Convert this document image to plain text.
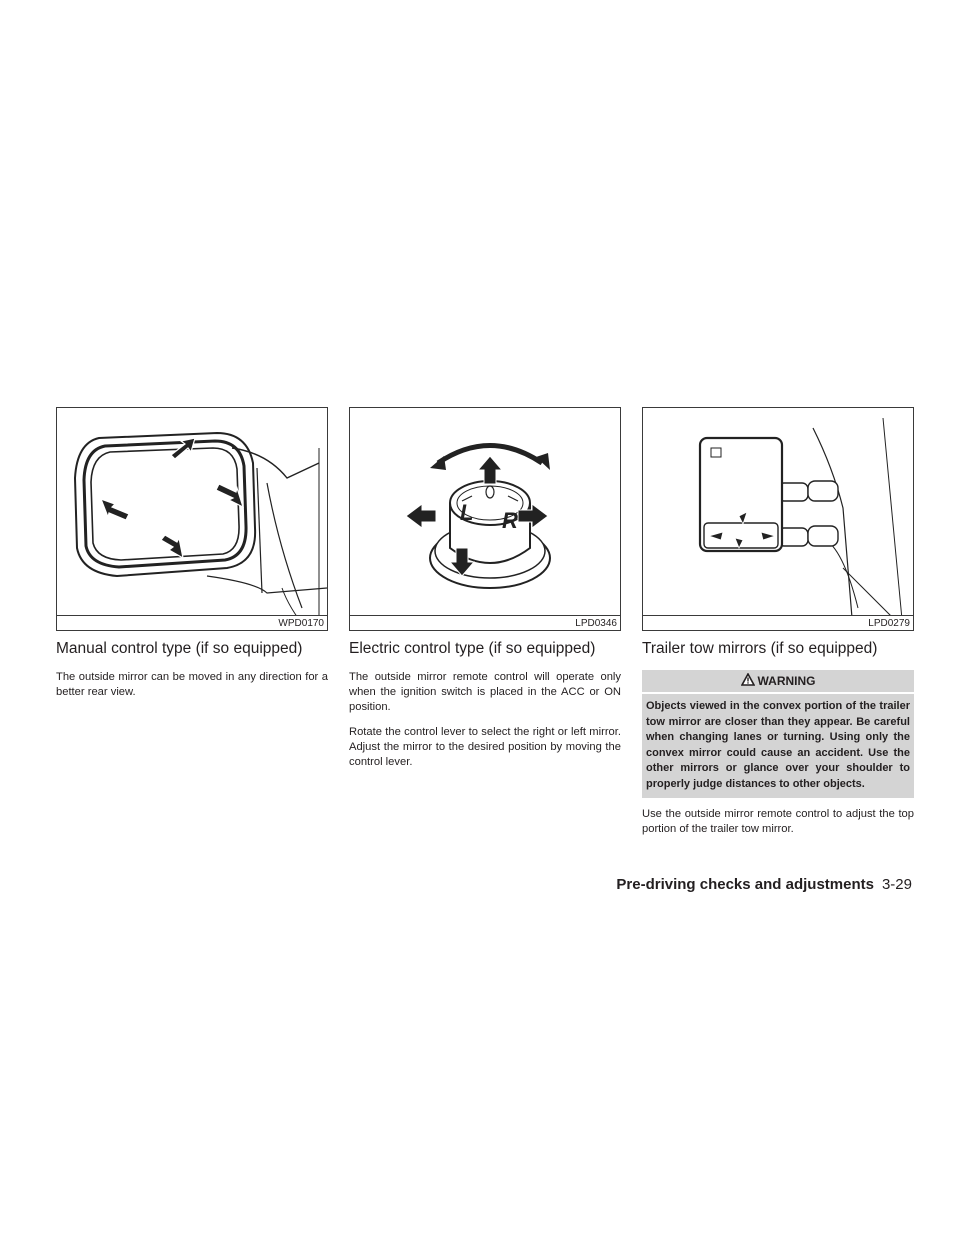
WPD0170
Manual control type (if so equipped)

The outside mirror can be moved in any direction for a better rear view.

L R
LPD0346
Electric control type (if so equipped)

The outside mirror remote control will operate only when the ignition switch is placed in the ACC or ON position.

Rotate the control lever to select the right or left mirror. Adjust the mirror to the desired position by moving the control lever.

LPD0279
Trailer tow mirrors (if so equipped)
WARNING
Objects viewed in the convex portion of the trailer tow mirror are closer than they appear. Be careful when changing lanes or turning. Using only the convex mirror could cause an accident. Use the other mirrors or glance over your shoulder to properly judge distances to other objects.

Use the outside mirror remote control to adjust the top portion of the trailer tow mirror.

Pre-driving checks and adjustments 3-29
